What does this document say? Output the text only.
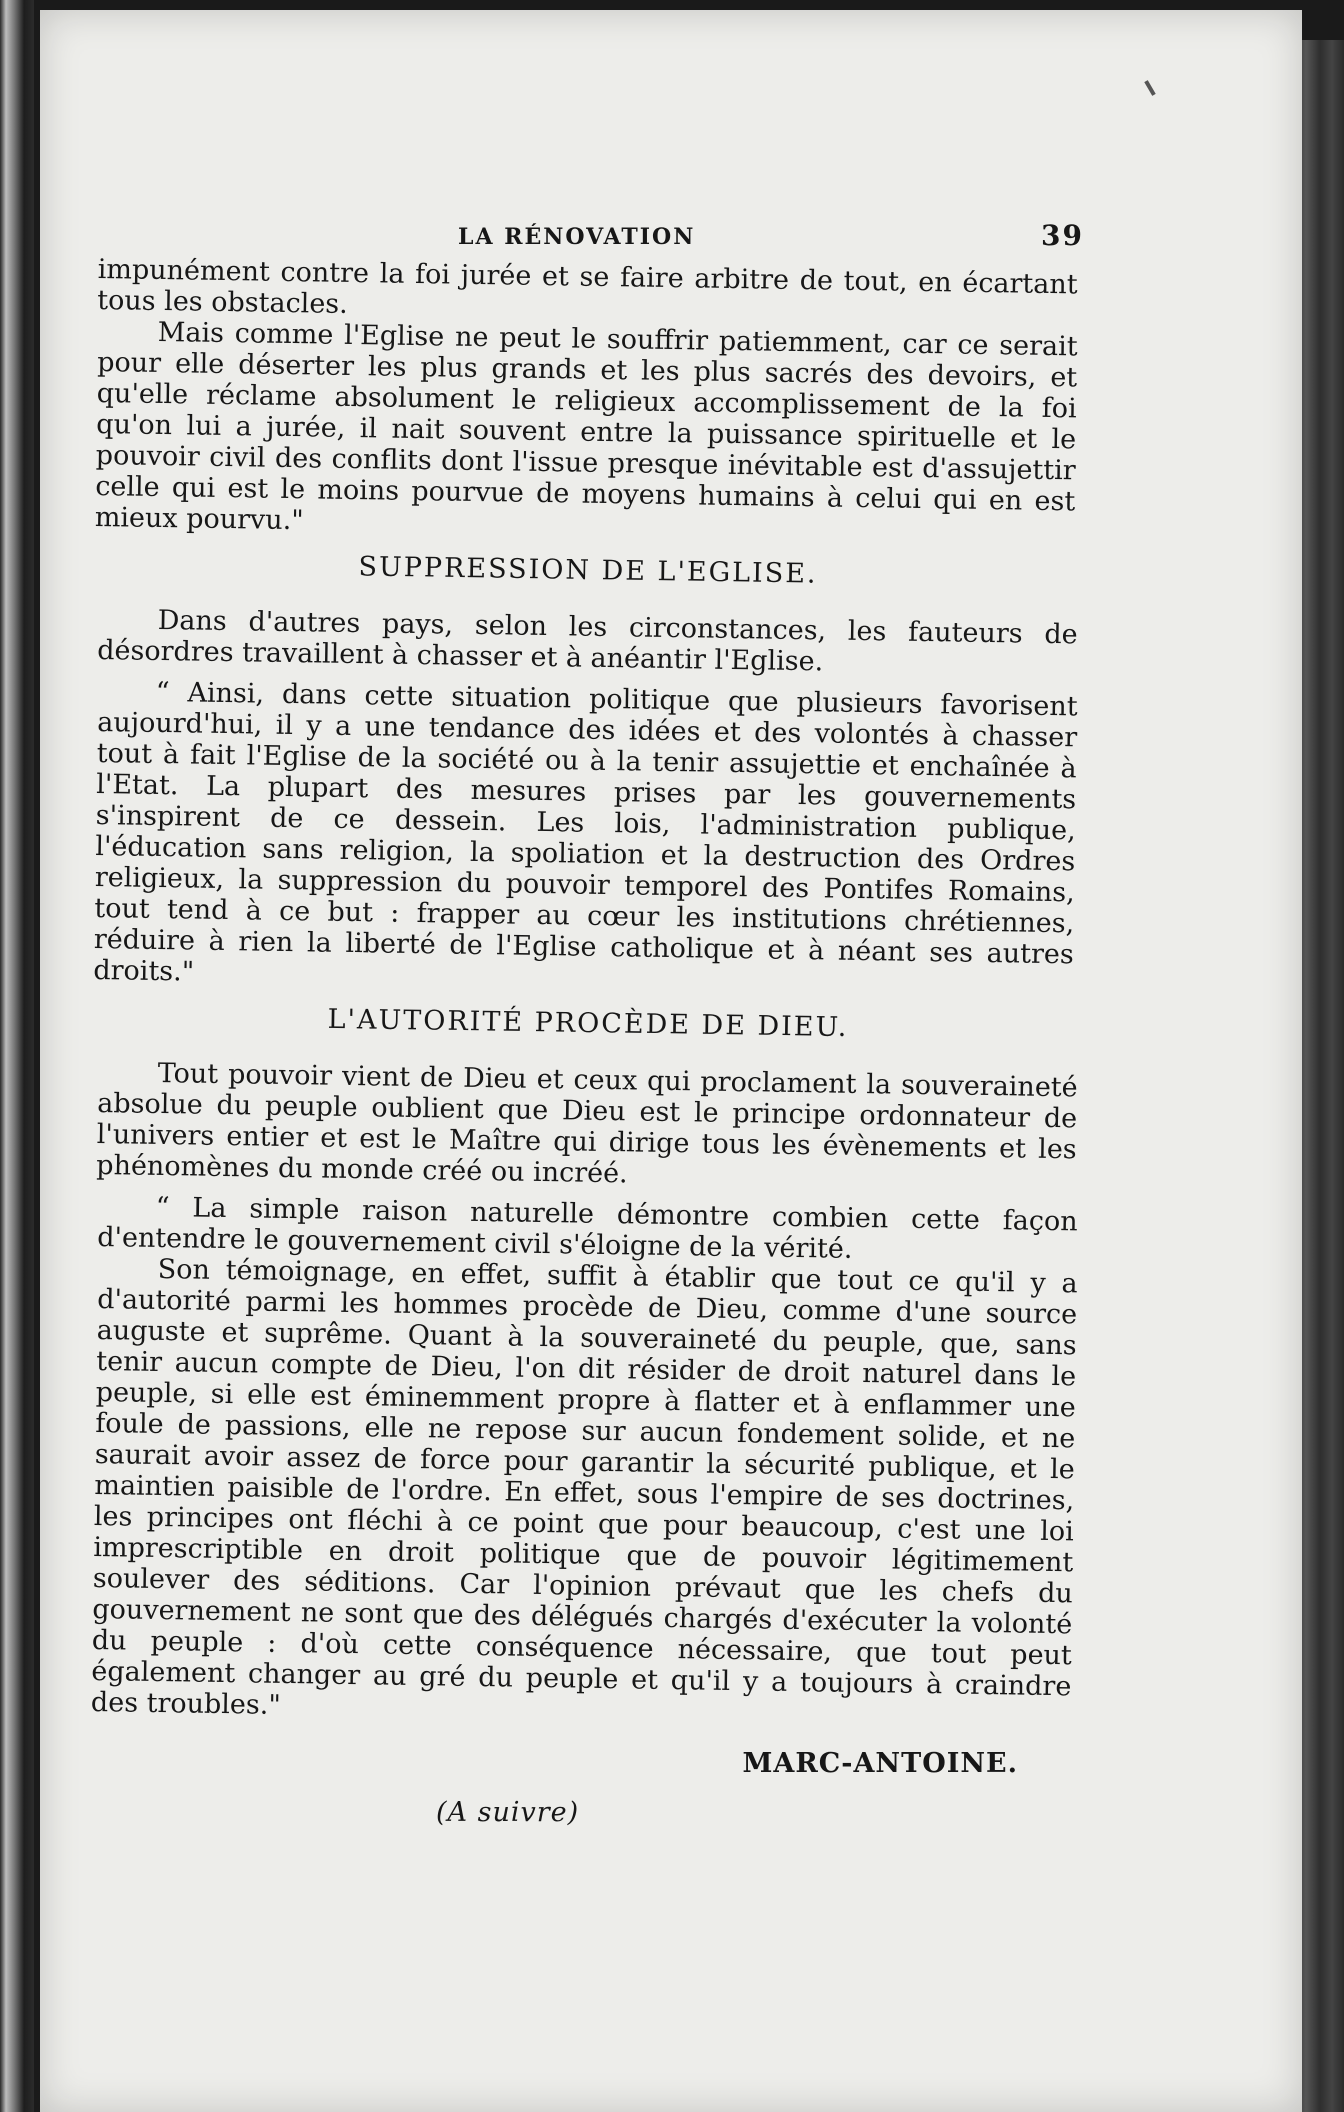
LA RÉNOVATION	39

impunément contre la foi jurée et se faire arbitre de tout, en écartant tous les obstacles.

Mais comme l'Eglise ne peut le souffrir patiemment, car ce serait pour elle déserter les plus grands et les plus sacrés des devoirs, et qu'elle réclame absolument le religieux accomplissement de la foi qu'on lui a jurée, il nait souvent entre la puissance spirituelle et le pouvoir civil des conflits dont l'issue presque inévitable est d'assujettir celle qui est le moins pourvue de moyens humains à celui qui en est mieux pourvu."

SUPPRESSION DE L'EGLISE.

Dans d'autres pays, selon les circonstances, les fauteurs de désordres travaillent à chasser et à anéantir l'Eglise.

“ Ainsi, dans cette situation politique que plusieurs favorisent aujourd'hui, il y a une tendance des idées et des volontés à chasser tout à fait l'Eglise de la société ou à la tenir assujettie et enchaînée à l'Etat. La plupart des mesures prises par les gouvernements s'inspirent de ce dessein. Les lois, l'administration publique, l'éducation sans religion, la spoliation et la destruction des Ordres religieux, la suppression du pouvoir temporel des Pontifes Romains, tout tend à ce but : frapper au cœur les institutions chrétiennes, réduire à rien la liberté de l'Eglise catholique et à néant ses autres droits."

L'AUTORITÉ PROCÈDE DE DIEU.

Tout pouvoir vient de Dieu et ceux qui proclament la souveraineté absolue du peuple oublient que Dieu est le principe ordonnateur de l'univers entier et est le Maître qui dirige tous les évènements et les phénomènes du monde créé ou incréé.

“ La simple raison naturelle démontre combien cette façon d'entendre le gouvernement civil s'éloigne de la vérité.

Son témoignage, en effet, suffit à établir que tout ce qu'il y a d'autorité parmi les hommes procède de Dieu, comme d'une source auguste et suprême. Quant à la souveraineté du peuple, que, sans tenir aucun compte de Dieu, l'on dit résider de droit naturel dans le peuple, si elle est éminemment propre à flatter et à enflammer une foule de passions, elle ne repose sur aucun fondement solide, et ne saurait avoir assez de force pour garantir la sécurité publique, et le maintien paisible de l'ordre. En effet, sous l'empire de ses doctrines, les principes ont fléchi à ce point que pour beaucoup, c'est une loi imprescriptible en droit politique que de pouvoir légitimement soulever des séditions. Car l'opinion prévaut que les chefs du gouvernement ne sont que des délégués chargés d'exécuter la volonté du peuple : d'où cette conséquence nécessaire, que tout peut également changer au gré du peuple et qu'il y a toujours à craindre des troubles."

MARC-ANTOINE.
(A suivre)
